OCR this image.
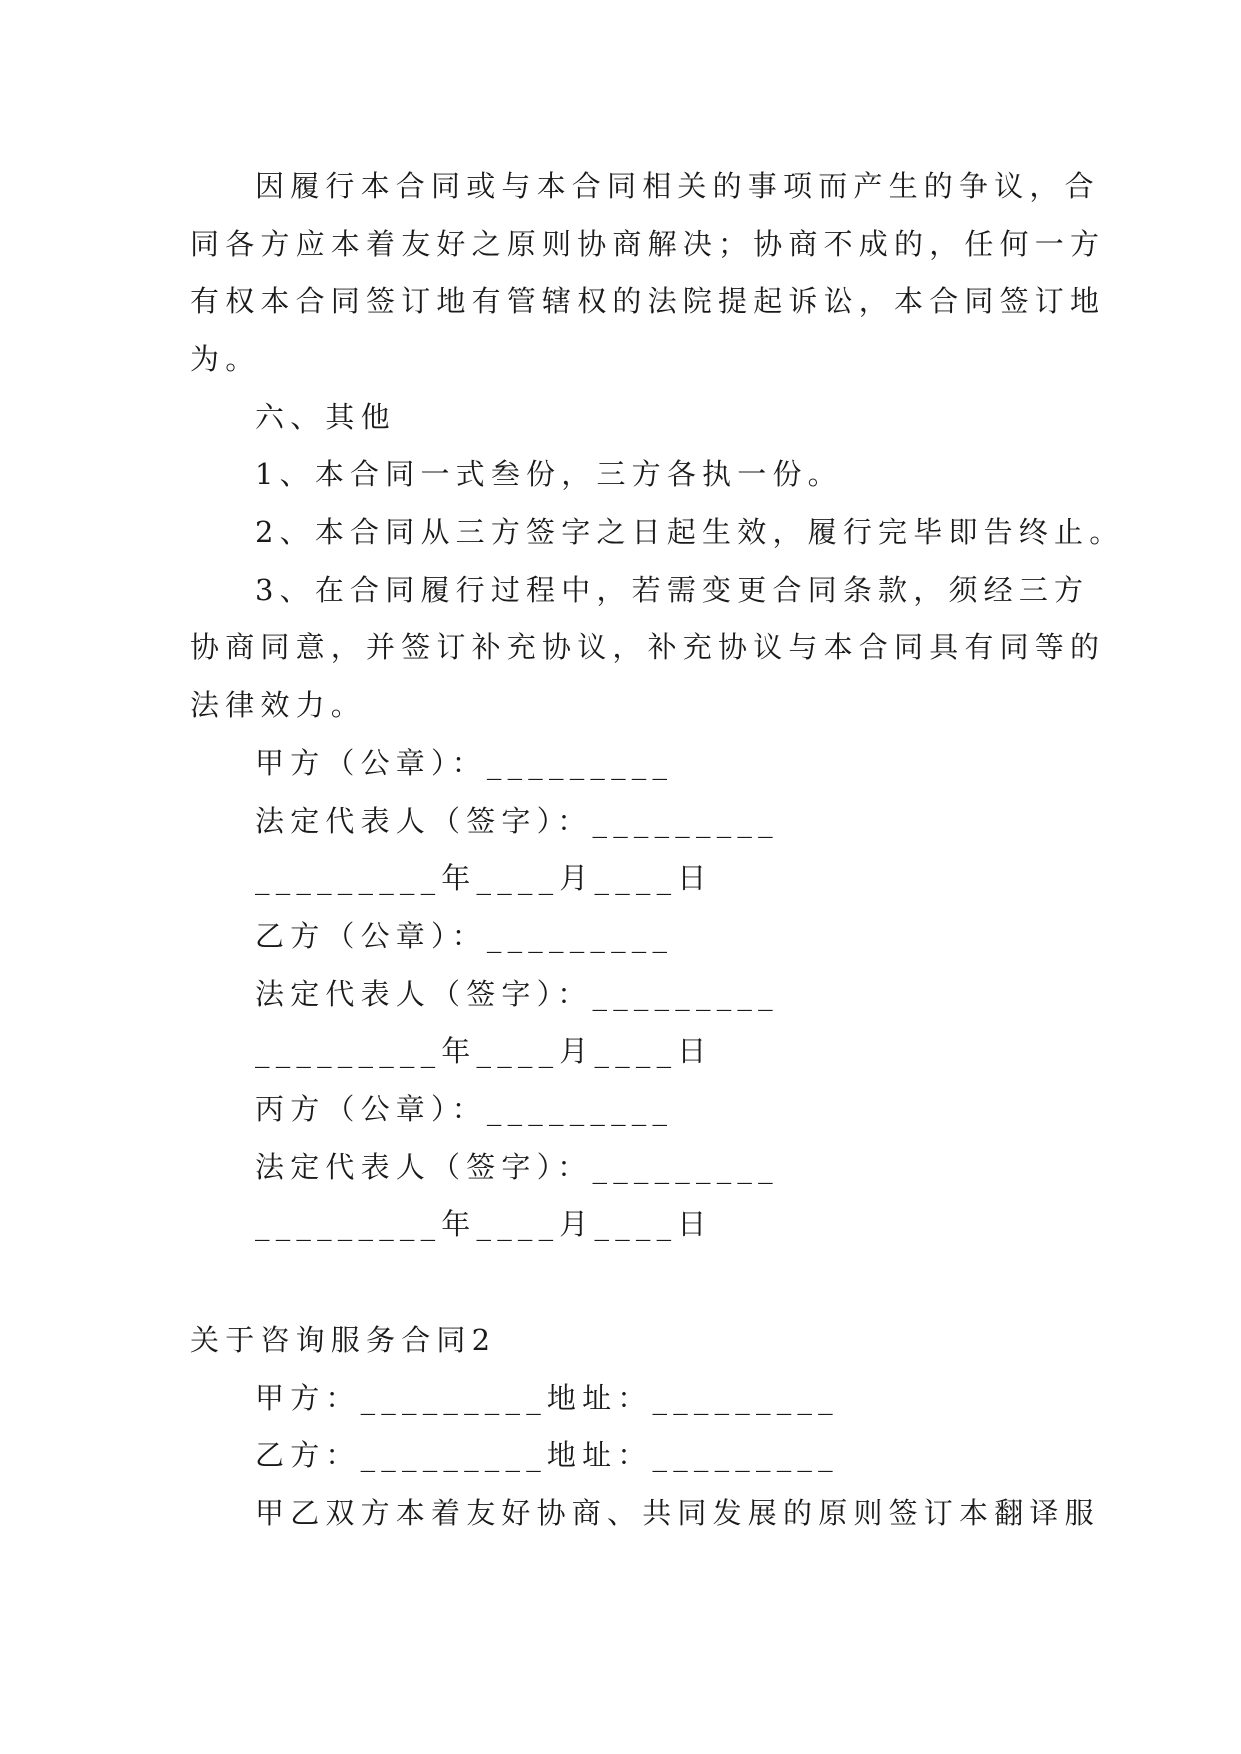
因履行本合同或与本合同相关的事项而产生的争议，合
同各方应本着友好之原则协商解决；协商不成的，任何一方
有权本合同签订地有管辖权的法院提起诉讼，本合同签订地
为。
六、其他
1、本合同一式叁份，三方各执一份。
2、本合同从三方签字之日起生效，履行完毕即告终止。
3、在合同履行过程中，若需变更合同条款，须经三方
协商同意，并签订补充协议，补充协议与本合同具有同等的
法律效力。
甲方（公章）：_________
法定代表人（签字）：_________
_________年____月____日
乙方（公章）：_________
法定代表人（签字）：_________
_________年____月____日
丙方（公章）：_________
法定代表人（签字）：_________
_________年____月____日
关于咨询服务合同2
甲方：_________地址：_________
乙方：_________地址：_________
甲乙双方本着友好协商、共同发展的原则签订本翻译服
